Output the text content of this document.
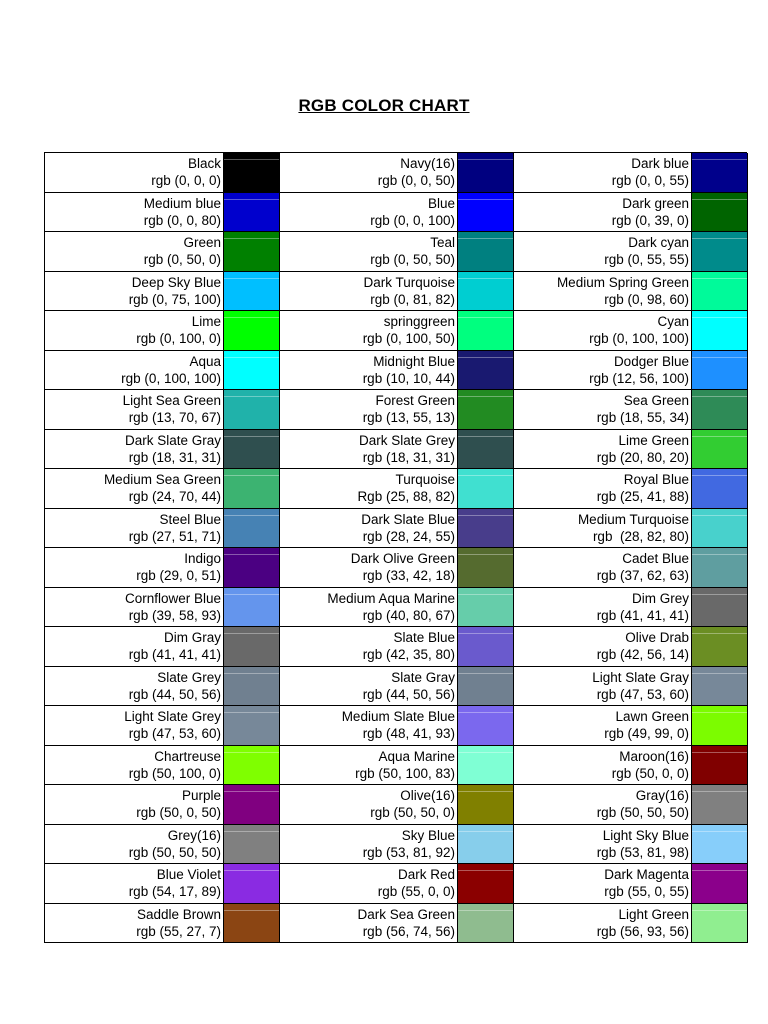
RGB COLOR CHART
Black
rgb (0, 0, 0)
Navy(16)
rgb (0, 0, 50)
Dark blue
rgb (0, 0, 55)
Medium blue
rgb (0, 0, 80)
Blue
rgb (0, 0, 100)
Dark green
rgb (0, 39, 0)
Green
rgb (0, 50, 0)
Teal
rgb (0, 50, 50)
Dark cyan
rgb (0, 55, 55)
Deep Sky Blue
rgb (0, 75, 100)
Dark Turquoise
rgb (0, 81, 82)
Medium Spring Green
rgb (0, 98, 60)
Lime
rgb (0, 100, 0)
springgreen
rgb (0, 100, 50)
Cyan
rgb (0, 100, 100)
Aqua
rgb (0, 100, 100)
Midnight Blue
rgb (10, 10, 44)
Dodger Blue
rgb (12, 56, 100)
Light Sea Green
rgb (13, 70, 67)
Forest Green
rgb (13, 55, 13)
Sea Green
rgb (18, 55, 34)
Dark Slate Gray
rgb (18, 31, 31)
Dark Slate Grey
rgb (18, 31, 31)
Lime Green
rgb (20, 80, 20)
Medium Sea Green
rgb (24, 70, 44)
Turquoise
Rgb (25, 88, 82)
Royal Blue
rgb (25, 41, 88)
Steel Blue
rgb (27, 51, 71)
Dark Slate Blue
rgb (28, 24, 55)
Medium Turquoise
rgb  (28, 82, 80)
Indigo
rgb (29, 0, 51)
Dark Olive Green
rgb (33, 42, 18)
Cadet Blue
rgb (37, 62, 63)
Cornflower Blue
rgb (39, 58, 93)
Medium Aqua Marine
rgb (40, 80, 67)
Dim Grey
rgb (41, 41, 41)
Dim Gray
rgb (41, 41, 41)
Slate Blue
rgb (42, 35, 80)
Olive Drab
rgb (42, 56, 14)
Slate Grey
rgb (44, 50, 56)
Slate Gray
rgb (44, 50, 56)
Light Slate Gray
rgb (47, 53, 60)
Light Slate Grey
rgb (47, 53, 60)
Medium Slate Blue
rgb (48, 41, 93)
Lawn Green
rgb (49, 99, 0)
Chartreuse
rgb (50, 100, 0)
Aqua Marine
rgb (50, 100, 83)
Maroon(16)
rgb (50, 0, 0)
Purple
rgb (50, 0, 50)
Olive(16)
rgb (50, 50, 0)
Gray(16)
rgb (50, 50, 50)
Grey(16)
rgb (50, 50, 50)
Sky Blue
rgb (53, 81, 92)
Light Sky Blue
rgb (53, 81, 98)
Blue Violet
rgb (54, 17, 89)
Dark Red
rgb (55, 0, 0)
Dark Magenta
rgb (55, 0, 55)
Saddle Brown
rgb (55, 27, 7)
Dark Sea Green
rgb (56, 74, 56)
Light Green
rgb (56, 93, 56)
